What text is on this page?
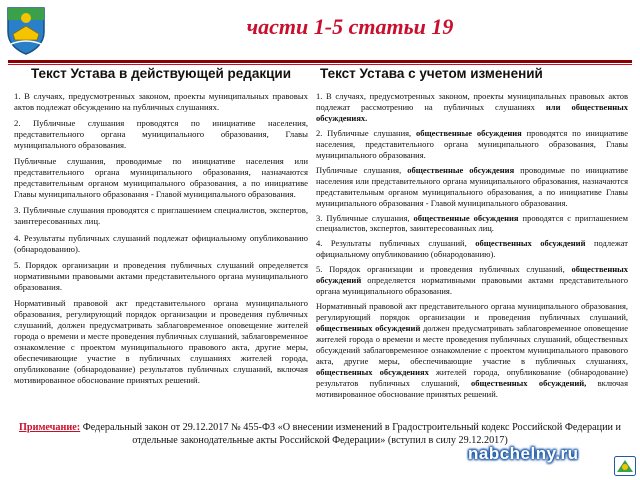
части 1-5 статьи 19
Текст Устава в действующей редакции

1. В случаях, предусмотренных законом, проекты муниципальных правовых актов подлежат обсуждению на публичных слушаниях.

2. Публичные слушания проводятся по инициативе населения, представительного органа муниципального образования, Главы муниципального образования.

Публичные слушания, проводимые по инициативе населения или представительного органа муниципального образования, назначаются представительным органом муниципального образования, а по инициативе Главы муниципального образования - Главой муниципального образования.

3. Публичные слушания проводятся с приглашением специалистов, экспертов, заинтересованных лиц.

4. Результаты публичных слушаний подлежат официальному опубликованию (обнародованию).

5. Порядок организации и проведения публичных слушаний определяется нормативными правовыми актами представительного органа муниципального образования.

Нормативный правовой акт представительного органа муниципального образования, регулирующий порядок организации и проведения публичных слушаний, должен предусматривать заблаговременное оповещение жителей города о времени и месте проведения публичных слушаний, заблаговременное ознакомление с проектом муниципального правового акта, другие меры, обеспечивающие участие в публичных слушаниях жителей города, опубликование (обнародование) результатов публичных слушаний, включая мотивированное обоснование принятых решений.

Текст Устава с учетом изменений

1. В случаях, предусмотренных законом, проекты муниципальных правовых актов подлежат рассмотрению на публичных слушаниях или общественных обсуждениях.

2. Публичные слушания, общественные обсуждения проводятся по инициативе населения, представительного органа муниципального образования, Главы муниципального образования.

Публичные слушания, общественные обсуждения проводимые по инициативе населения или представительного органа муниципального образования, назначаются представительным органом муниципального образования, а по инициативе Главы муниципального образования - Главой муниципального образования.

3. Публичные слушания, общественные обсуждения проводятся с приглашением специалистов, экспертов, заинтересованных лиц.

4. Результаты публичных слушаний, общественных обсуждений подлежат официальному опубликованию (обнародованию).

5. Порядок организации и проведения публичных слушаний, общественных обсуждений определяется нормативными правовыми актами представительного органа муниципального образования.

Нормативный правовой акт представительного органа муниципального образования, регулирующий порядок организации и проведения публичных слушаний, общественных обсуждений должен предусматривать заблаговременное оповещение жителей города о времени и месте проведения публичных слушаний, общественных обсуждений заблаговременное ознакомление с проектом муниципального правового акта, другие меры, обеспечивающие участие в публичных слушаниях, общественных обсуждениях жителей города, опубликование (обнародование) результатов публичных слушаний, общественных обсуждений, включая мотивированное обоснование принятых решений.

Примечание: Федеральный закон от 29.12.2017 № 455-ФЗ «О внесении изменений в Градостроительный кодекс Российской Федерации и отдельные законодательные акты Российской Федерации» (вступил в силу 29.12.2017)
nabchelny.ru
